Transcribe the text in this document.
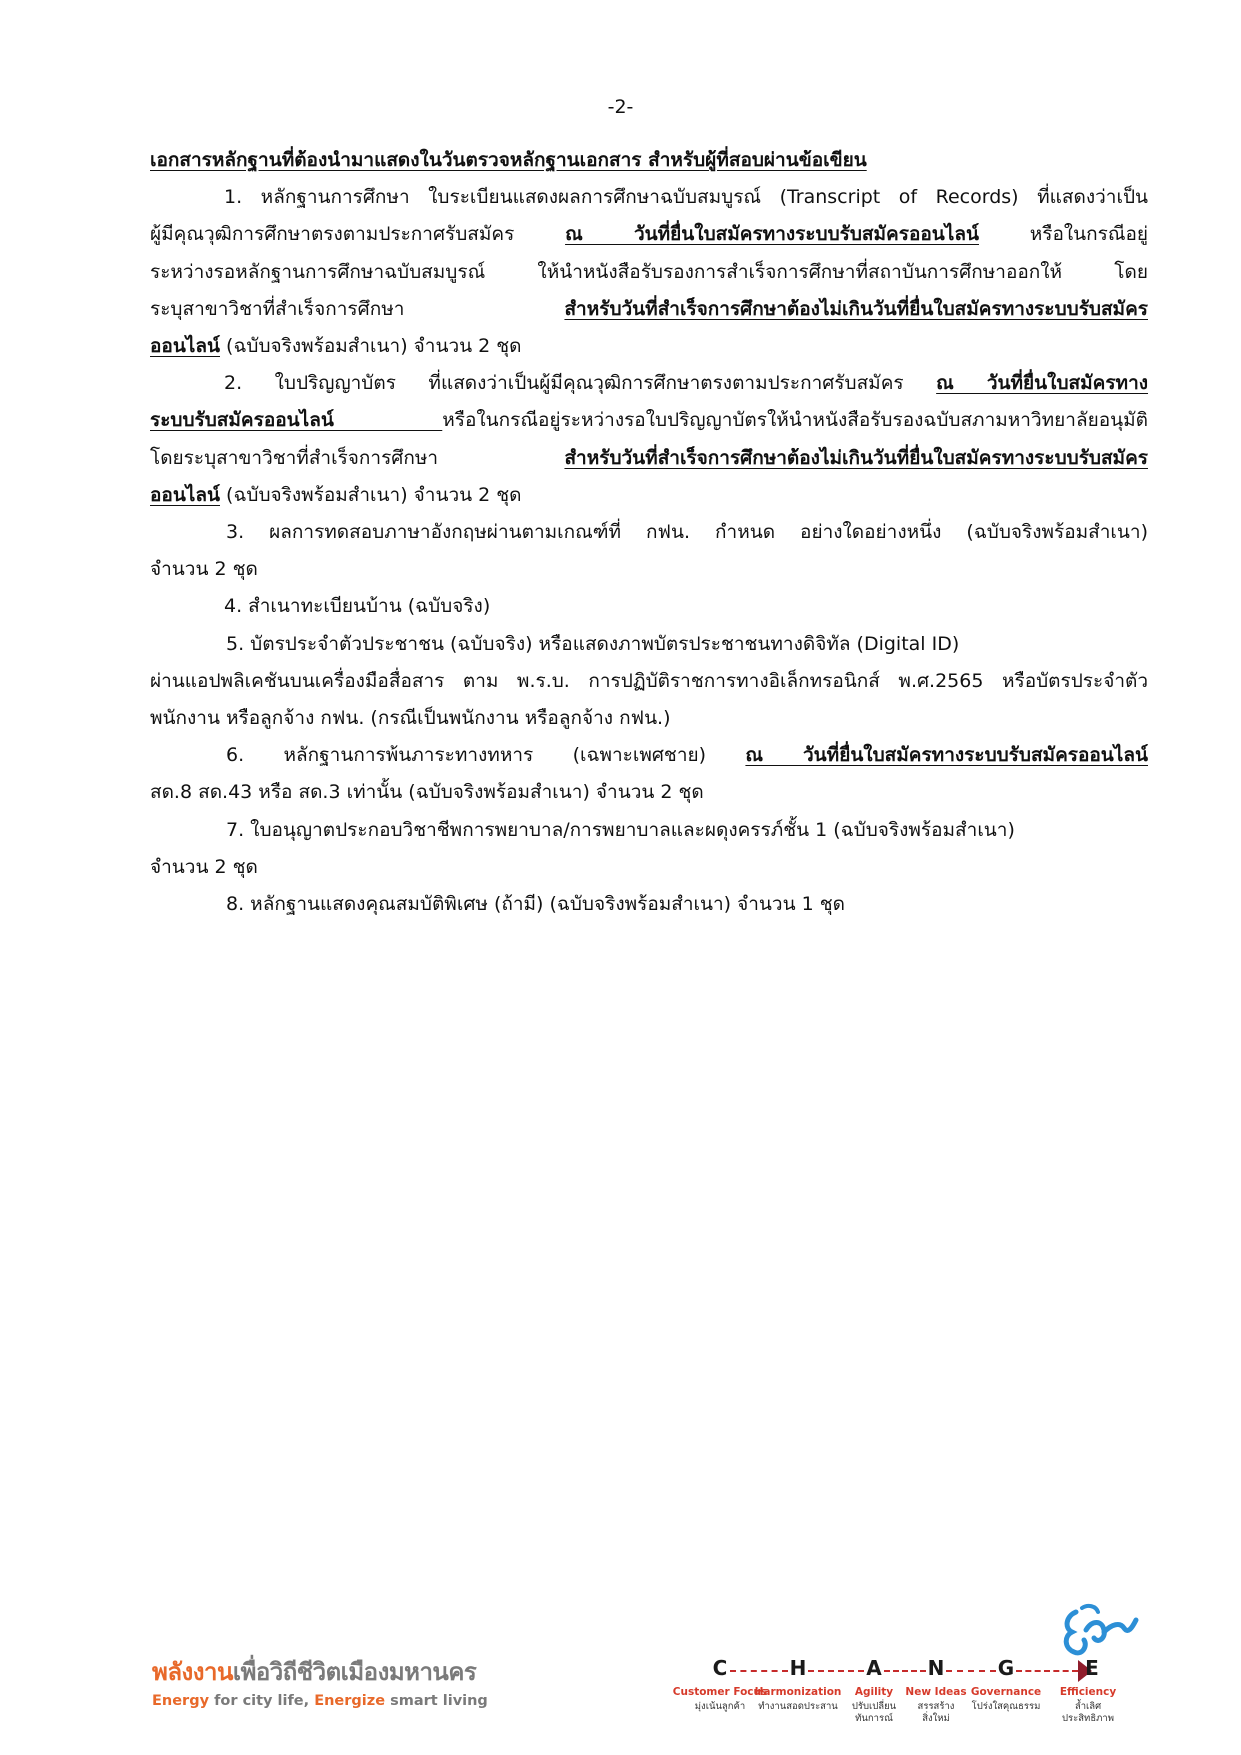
-2-
เอกสารหลักฐานที่ต้องนำมาแสดงในวันตรวจหลักฐานเอกสาร สำหรับผู้ที่สอบผ่านข้อเขียน
1. หลักฐานการศึกษา ใบระเบียนแสดงผลการศึกษาฉบับสมบูรณ์ (Transcript of Records) ที่แสดงว่าเป็น
ผู้มีคุณวุฒิการศึกษาตรงตามประกาศรับสมัคร ณ วันที่ยื่นใบสมัครทางระบบรับสมัครออนไลน์ หรือในกรณีอยู่
ระหว่างรอหลักฐานการศึกษาฉบับสมบูรณ์ ให้นำหนังสือรับรองการสำเร็จการศึกษาที่สถาบันการศึกษาออกให้ โดย
ระบุสาขาวิชาที่สำเร็จการศึกษา สำหรับวันที่สำเร็จการศึกษาต้องไม่เกินวันที่ยื่นใบสมัครทางระบบรับสมัคร
ออนไลน์ (ฉบับจริงพร้อมสำเนา) จำนวน 2 ชุด
2. ใบปริญญาบัตร ที่แสดงว่าเป็นผู้มีคุณวุฒิการศึกษาตรงตามประกาศรับสมัคร ณ วันที่ยื่นใบสมัครทาง
ระบบรับสมัครออนไลน์ หรือในกรณีอยู่ระหว่างรอใบปริญญาบัตรให้นำหนังสือรับรองฉบับสภามหาวิทยาลัยอนุมัติ
โดยระบุสาขาวิชาที่สำเร็จการศึกษา สำหรับวันที่สำเร็จการศึกษาต้องไม่เกินวันที่ยื่นใบสมัครทางระบบรับสมัคร
ออนไลน์ (ฉบับจริงพร้อมสำเนา) จำนวน 2 ชุด
3. ผลการทดสอบภาษาอังกฤษผ่านตามเกณฑ์ที่ กฟน. กำหนด อย่างใดอย่างหนึ่ง (ฉบับจริงพร้อมสำเนา)
จำนวน 2 ชุด
4. สำเนาทะเบียนบ้าน (ฉบับจริง)
5. บัตรประจำตัวประชาชน (ฉบับจริง) หรือแสดงภาพบัตรประชาชนทางดิจิทัล (Digital ID)
ผ่านแอปพลิเคชันบนเครื่องมือสื่อสาร ตาม พ.ร.บ. การปฏิบัติราชการทางอิเล็กทรอนิกส์ พ.ศ.2565 หรือบัตรประจำตัว
พนักงาน หรือลูกจ้าง กฟน. (กรณีเป็นพนักงาน หรือลูกจ้าง กฟน.)
6. หลักฐานการพ้นภาระทางทหาร (เฉพาะเพศชาย) ณ วันที่ยื่นใบสมัครทางระบบรับสมัครออนไลน์
สด.8 สด.43 หรือ สด.3 เท่านั้น (ฉบับจริงพร้อมสำเนา) จำนวน 2 ชุด
7. ใบอนุญาตประกอบวิชาชีพการพยาบาล/การพยาบาลและผดุงครรภ์ชั้น 1 (ฉบับจริงพร้อมสำเนา)
จำนวน 2 ชุด
8. หลักฐานแสดงคุณสมบัติพิเศษ (ถ้ามี) (ฉบับจริงพร้อมสำเนา) จำนวน 1 ชุด
พลังงานเพื่อวิถีชีวิตเมืองมหานคร
Energy for city life, Energize smart living
C
Customer Focus
มุ่งเน้นลูกค้า
H
Harmonization
ทำงานสอดประสาน
A
Agility
ปรับเปลี่ยน
ทันการณ์
N
New Ideas
สรรสร้าง
สิ่งใหม่
G
Governance
โปร่งใสคุณธรรม
E
Efficiency
ล้ำเลิศ
ประสิทธิภาพ
